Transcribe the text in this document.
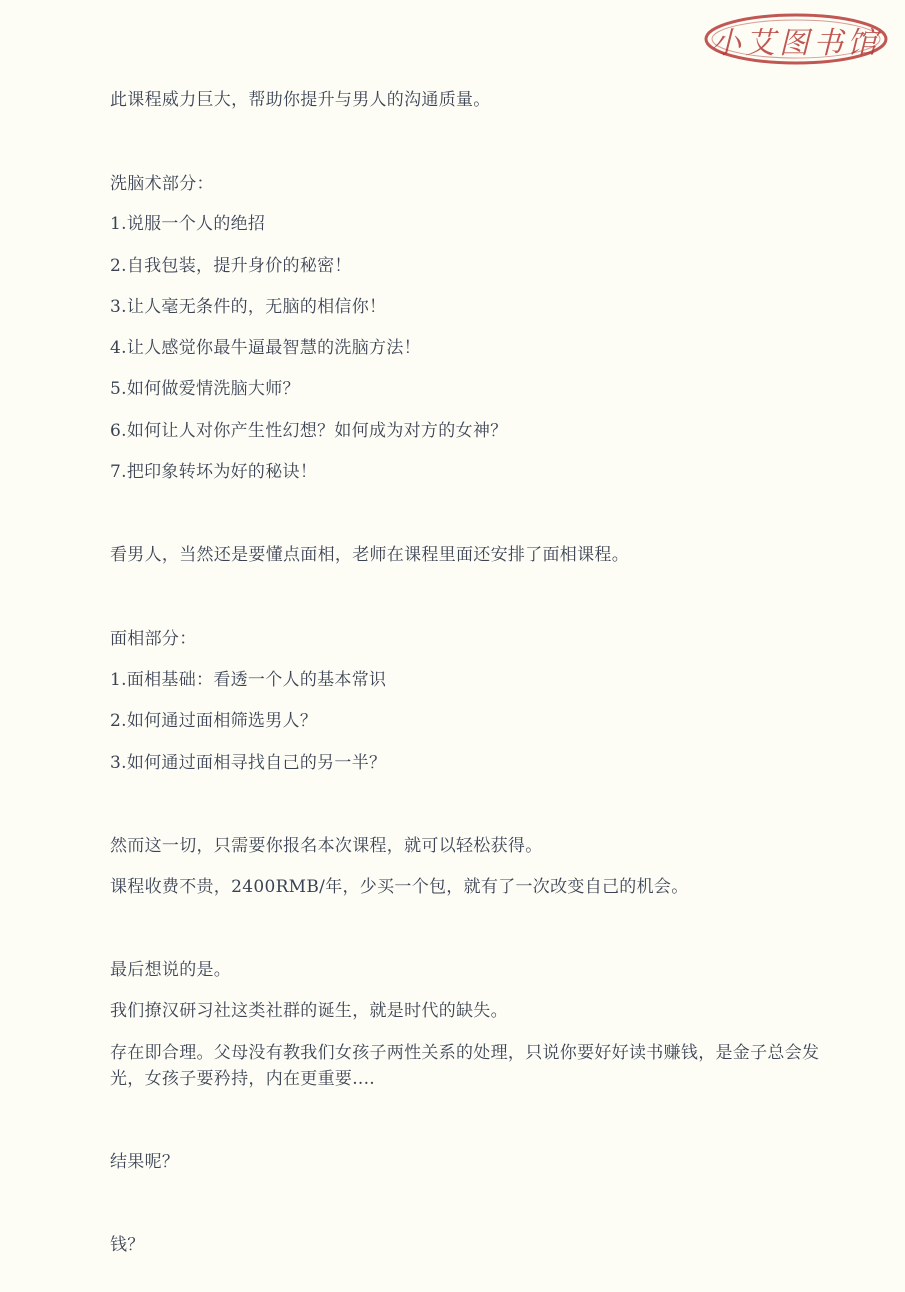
小艾图书馆
此课程威力巨大，帮助你提升与男人的沟通质量。
洗脑术部分：
1.说服一个人的绝招
2.自我包装，提升身价的秘密！
3.让人毫无条件的，无脑的相信你！
4.让人感觉你最牛逼最智慧的洗脑方法！
5.如何做爱情洗脑大师？
6.如何让人对你产生性幻想？如何成为对方的女神？
7.把印象转坏为好的秘诀！
看男人，当然还是要懂点面相，老师在课程里面还安排了面相课程。
面相部分：
1.面相基础：看透一个人的基本常识
2.如何通过面相筛选男人？
3.如何通过面相寻找自己的另一半？
然而这一切，只需要你报名本次课程，就可以轻松获得。
课程收费不贵，2400RMB/年，少买一个包，就有了一次改变自己的机会。
最后想说的是。
我们撩汉研习社这类社群的诞生，就是时代的缺失。
存在即合理。父母没有教我们女孩子两性关系的处理，只说你要好好读书赚钱，是金子总会发光，女孩子要矜持，内在更重要....
结果呢？
钱？
